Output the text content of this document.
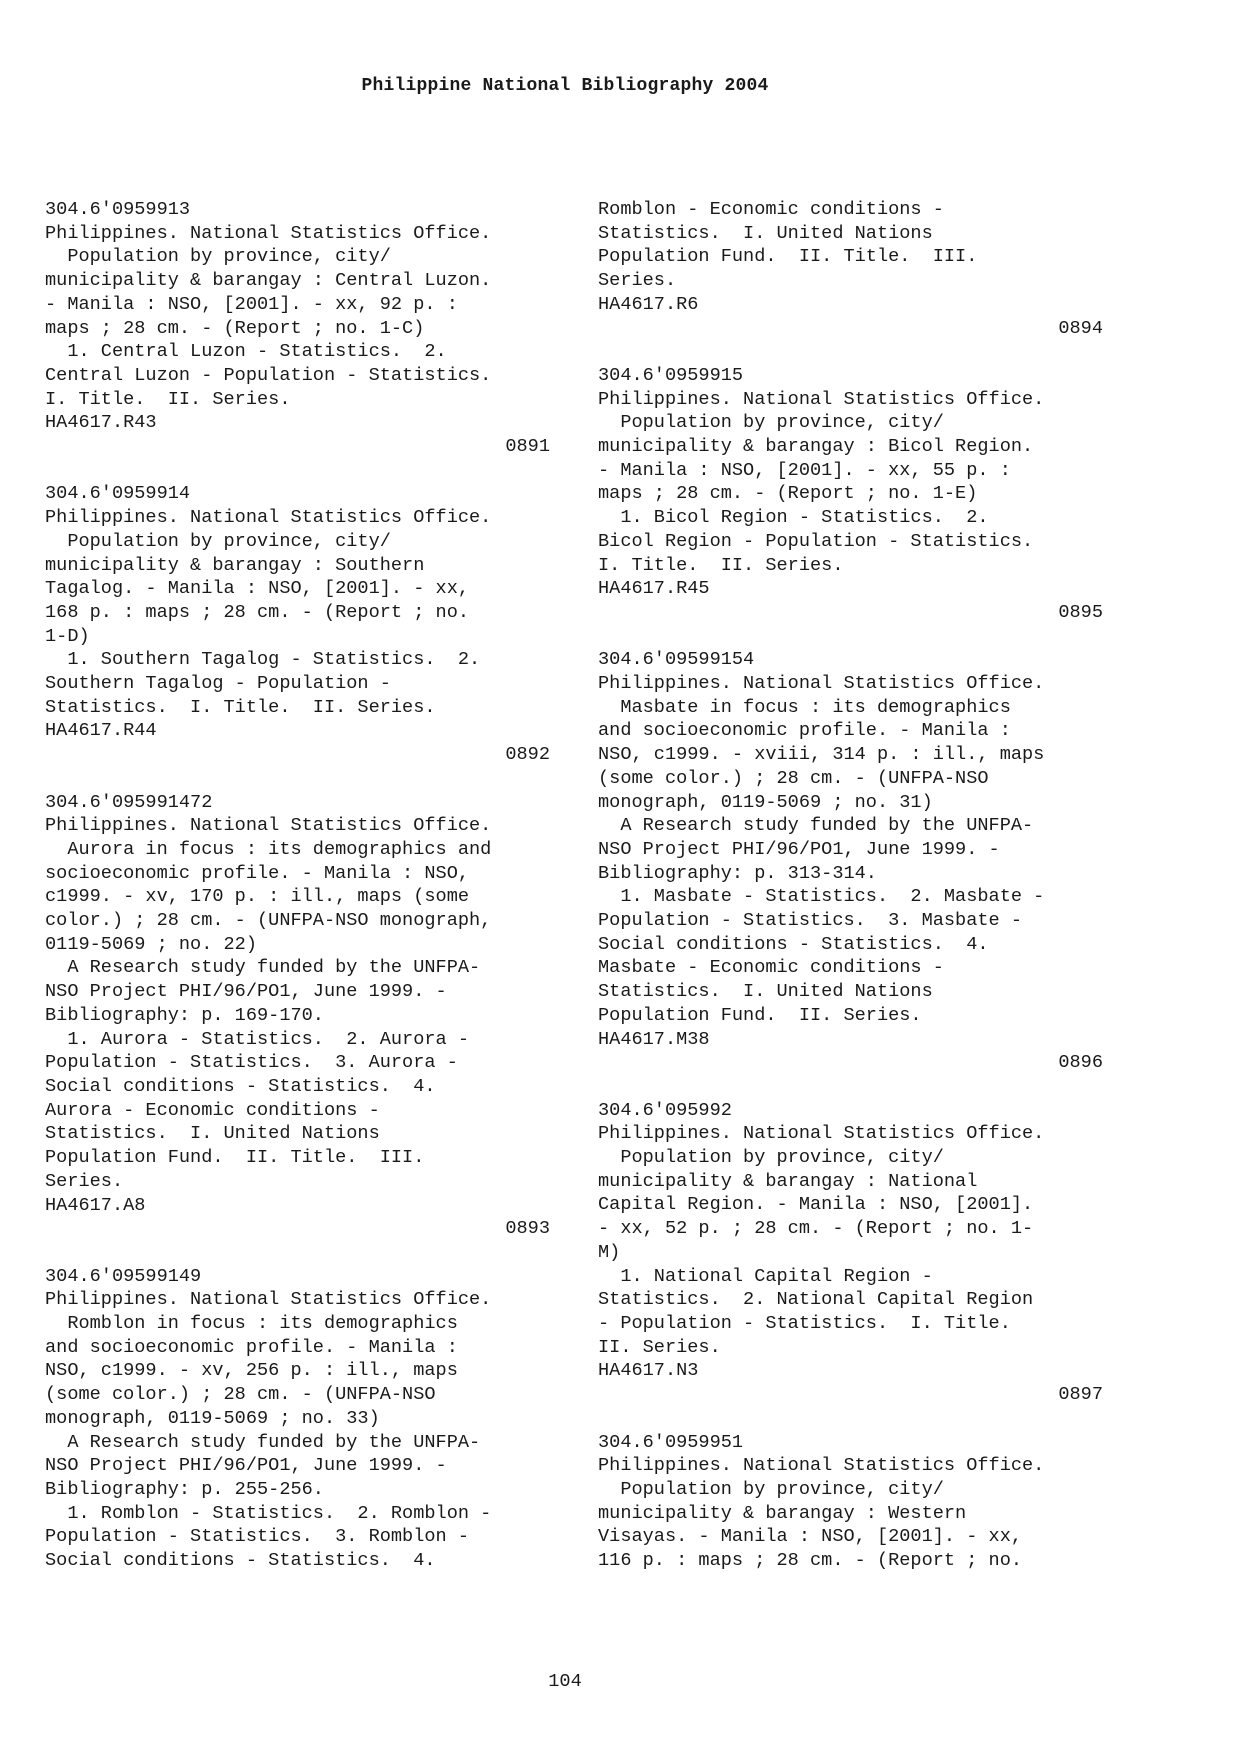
Philippine National Bibliography 2004
304.6'0959913
Philippines. National Statistics Office.
Population by province, city/
municipality & barangay : Central Luzon.
- Manila : NSO, [2001]. - xx, 92 p. :
maps ; 28 cm. - (Report ; no. 1-C)
1. Central Luzon - Statistics.  2.
Central Luzon - Population - Statistics.
I. Title.  II. Series.
HA4617.R43
0891
304.6'0959914
Philippines. National Statistics Office.
Population by province, city/
municipality & barangay : Southern
Tagalog. - Manila : NSO, [2001]. - xx,
168 p. : maps ; 28 cm. - (Report ; no.
1-D)
1. Southern Tagalog - Statistics.  2.
Southern Tagalog - Population -
Statistics.  I. Title.  II. Series.
HA4617.R44
0892
304.6'095991472
Philippines. National Statistics Office.
Aurora in focus : its demographics and
socioeconomic profile. - Manila : NSO,
c1999. - xv, 170 p. : ill., maps (some
color.) ; 28 cm. - (UNFPA-NSO monograph,
0119-5069 ; no. 22)
A Research study funded by the UNFPA-
NSO Project PHI/96/PO1, June 1999. -
Bibliography: p. 169-170.
1. Aurora - Statistics.  2. Aurora -
Population - Statistics.  3. Aurora -
Social conditions - Statistics.  4.
Aurora - Economic conditions -
Statistics.  I. United Nations
Population Fund.  II. Title.  III.
Series.
HA4617.A8
0893
304.6'09599149
Philippines. National Statistics Office.
Romblon in focus : its demographics
and socioeconomic profile. - Manila :
NSO, c1999. - xv, 256 p. : ill., maps
(some color.) ; 28 cm. - (UNFPA-NSO
monograph, 0119-5069 ; no. 33)
A Research study funded by the UNFPA-
NSO Project PHI/96/PO1, June 1999. -
Bibliography: p. 255-256.
1. Romblon - Statistics.  2. Romblon -
Population - Statistics.  3. Romblon -
Social conditions - Statistics.  4.
Romblon - Economic conditions -
Statistics.  I. United Nations
Population Fund.  II. Title.  III.
Series.
HA4617.R6
0894
304.6'0959915
Philippines. National Statistics Office.
Population by province, city/
municipality & barangay : Bicol Region.
- Manila : NSO, [2001]. - xx, 55 p. :
maps ; 28 cm. - (Report ; no. 1-E)
1. Bicol Region - Statistics.  2.
Bicol Region - Population - Statistics.
I. Title.  II. Series.
HA4617.R45
0895
304.6'09599154
Philippines. National Statistics Office.
Masbate in focus : its demographics
and socioeconomic profile. - Manila :
NSO, c1999. - xviii, 314 p. : ill., maps
(some color.) ; 28 cm. - (UNFPA-NSO
monograph, 0119-5069 ; no. 31)
A Research study funded by the UNFPA-
NSO Project PHI/96/PO1, June 1999. -
Bibliography: p. 313-314.
1. Masbate - Statistics.  2. Masbate -
Population - Statistics.  3. Masbate -
Social conditions - Statistics.  4.
Masbate - Economic conditions -
Statistics.  I. United Nations
Population Fund.  II. Series.
HA4617.M38
0896
304.6'095992
Philippines. National Statistics Office.
Population by province, city/
municipality & barangay : National
Capital Region. - Manila : NSO, [2001].
- xx, 52 p. ; 28 cm. - (Report ; no. 1-
M)
1. National Capital Region -
Statistics.  2. National Capital Region
- Population - Statistics.  I. Title.
II. Series.
HA4617.N3
0897
304.6'0959951
Philippines. National Statistics Office.
Population by province, city/
municipality & barangay : Western
Visayas. - Manila : NSO, [2001]. - xx,
116 p. : maps ; 28 cm. - (Report ; no.
104
